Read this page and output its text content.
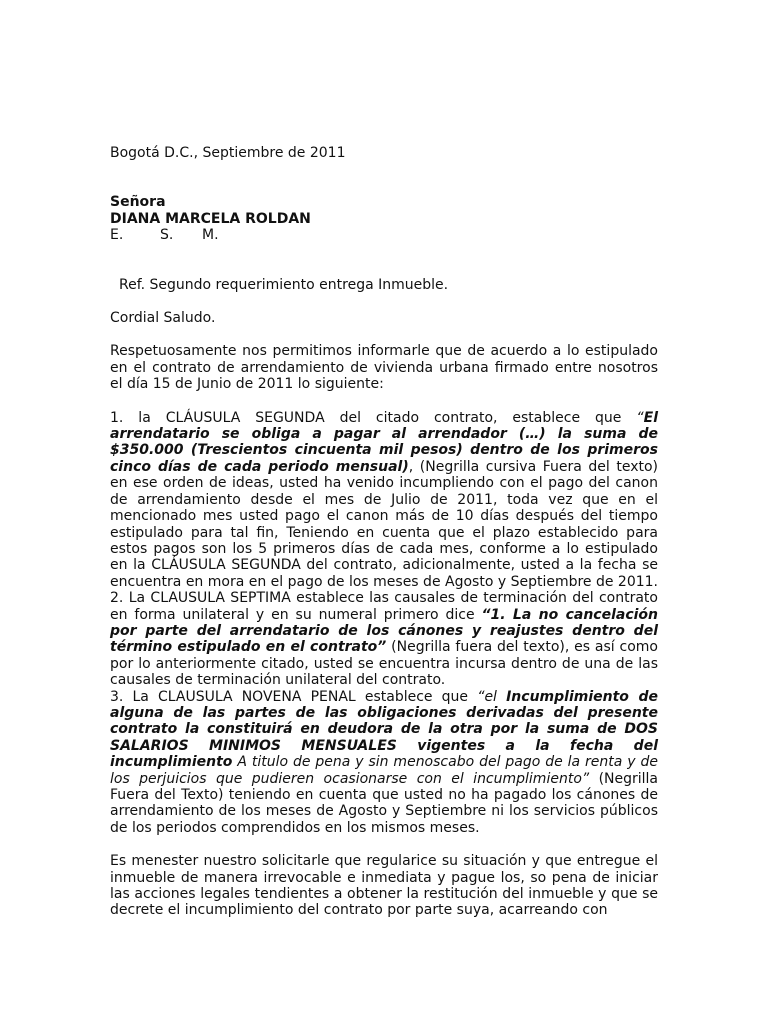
Bogotá D.C., Septiembre de 2011

Señora
DIANA MARCELA ROLDAN
E.	S. M.

Ref. Segundo requerimiento entrega Inmueble.

Cordial Saludo.

Respetuosamente nos permitimos informarle que de acuerdo a lo estipulado en el contrato de arrendamiento de vivienda urbana firmado entre nosotros el día 15 de Junio de 2011 lo siguiente:

1. la CLÁUSULA SEGUNDA del citado contrato, establece que “El arrendatario se obliga a pagar al arrendador (…) la suma de $350.000 (Trescientos cincuenta mil pesos) dentro de los primeros cinco días de cada periodo mensual), (Negrilla cursiva Fuera del texto) en ese orden de ideas, usted ha venido incumpliendo con el pago del canon de arrendamiento desde el mes de Julio de 2011, toda vez que en el mencionado mes usted pago el canon más de 10 días después del tiempo estipulado para tal fin, Teniendo en cuenta que el plazo establecido para estos pagos son los 5 primeros días de cada mes, conforme a lo estipulado en la CLÁUSULA SEGUNDA del contrato, adicionalmente, usted a la fecha se encuentra en mora en el pago de los meses de Agosto y Septiembre de 2011.

2. La CLAUSULA SEPTIMA establece las causales de terminación del contrato en forma unilateral y en su numeral primero dice “1. La no cancelación por parte del arrendatario de los cánones y reajustes dentro del término estipulado en el contrato” (Negrilla fuera del texto), es así como por lo anteriormente citado, usted se encuentra incursa dentro de una de las causales de terminación unilateral del contrato.

3. La CLAUSULA NOVENA PENAL establece que “el Incumplimiento de alguna de las partes de las obligaciones derivadas del presente contrato la constituirá en deudora de la otra por la suma de DOS SALARIOS MINIMOS MENSUALES vigentes a la fecha del incumplimiento A titulo de pena y sin menoscabo del pago de la renta y de los perjuicios que pudieren ocasionarse con el incumplimiento” (Negrilla Fuera del Texto) teniendo en cuenta que usted no ha pagado los cánones de arrendamiento de los meses de Agosto y Septiembre ni los servicios públicos de los periodos comprendidos en los mismos meses.

Es menester nuestro solicitarle que regularice su situación y que entregue el inmueble de manera irrevocable e inmediata y pague los, so pena de iniciar las acciones legales tendientes a obtener la restitución del inmueble y que se decrete el incumplimiento del contrato por parte suya, acarreando con
